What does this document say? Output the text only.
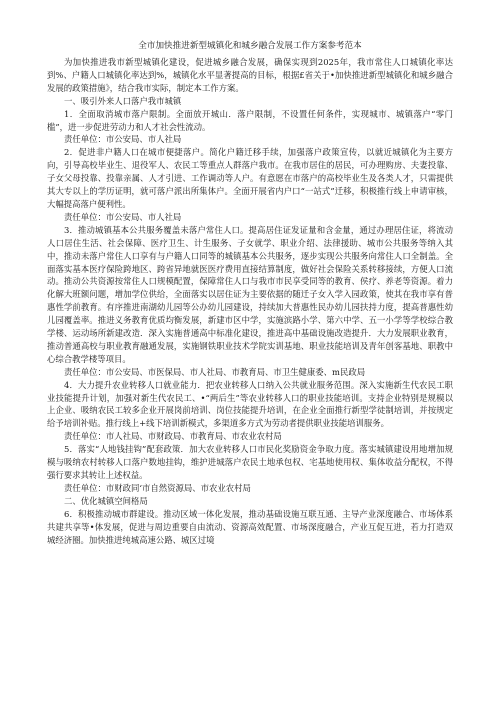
全市加快推进新型城镇化和城乡融合发展工作方案参考范本

为加快推进我市新型城镇化建设，促进城乡融合发展，确保实现到2025年，我市常住人口城镇化率达到%、户籍人口城镇化率达到%，城镇化水平显著提高的目标，根据£省关于•加快推进新型城镇化和城乡融合发展的政策措施》，结合我市实际，制定本工作方案。

一、吸引外来人口落户我市城镇

1．全面取消城市落户限制。全面放开城山．落户限制，不设置任何条件，实现城市、城镇落户“零门槛”，进一步促进劳动力和人才社会性流动。

责任单位：市公安局、市人社局

2．促进非户籍人口在城市便捷落户。简化户籍迁移手续，加强落户政策宣传，以就近城镇化为主要方向，引导高校毕业生、退役军人、农民工等重点人群落户我市。在我市居住的居民，可办理购房、夫妻投靠、子女父母投靠、投靠亲属、人才引进、工作调动等人户。有意愿在市落户的高校毕业生及各类人才，只需提供其大专以上的学历证明，就可落户派出所集体户。全面开展省内户口“一站式”迁移，积极推行线上申请审核，大幅提高落户便利性。

责任单位：市公安局、市人社局

3．推动城镇基本公共服务覆盖未落户常住人口。提高居住证发证量和含金量，通过办理居住证，将流动人口居住生活、社会保障、医疗卫生、计生服务、子女就学、职业介绍、法律援助、城市公共服务等纳入其中，推动未落户常住人口享有与户籍人口同等的城镇基本公共服务，逐步实现公共服务向常住人口全制盖。全面落实基本医疗保险跨地区、跨省异地就医医疗费用直接结算制度，做好社会保险关系转移接续，方便人口流动。推动公共资源按常住人口规模配置，保障常住人口与我市市民享受同等的教育、侯疗、养老等资源。着力化解大班额问题，增加学位供给，全面落实以居住证为主要依据的随迁子女入学入园政策，使其在我市享有普惠性学前教育。有序推进南湖幼儿园等公办幼儿园建设，持续加大普惠性民办幼儿园扶持力度，提高普惠性幼儿园覆盖率。推进义务教育优质均衡发展，新建市区中学，实施滨路小学、第六中学、五一小学等学校综合教学楼、运动场所新建改造．深入实施普通高中标准化建设，推进高中基础设施改造提升．大力发展职业教育，推动普通高校与职业教育融通发展，实施钢铁职业技术学院实训基地、职业技能培训及青年创客基地、职教中心综合教学楼等项目。

责任单位：市公安局、市医保局、市人社局、市教育局、市卫生健康委、m民政局

4．大力提升农业转移人口就业能力．把农业转移人口纳入公共就业服务范围。深入实施新生代农民工职业技能提升计划，加强对新生代农民工、•“两后生”等农业转移人口的职业技能培训。支持企业特别是规模以上企业、吸纳农民工较多企业开展岗前培训、岗位技能提升培训，在企业全面推行新型学徒制培训，并按规定给予培训补贴。推行线上+线下培训新模式，多渠道多方式为劳动者提供职业技能培训服务。

责任单位：市人社局、市财政局、市教育局、市农业农村局

5．落实“人地钱挂钩”配套政策．加大农业转移人口市民化奖励资金争取力度。落实城镇建设用地增加规模与吸纳农村转移人口落户数地挂钩，维护进城落户农民土地承包权、宅基地使用权、集体收益分配权，不得强行要求其转让上述权益。

责任单位：市财政同‘市自然资源局、市农业农村局

二、优化城镇空间格局

6．积极推动城市群建设。推动区域一体化发展，推动基础设施互联互通、主导产业深度融合、市场体系共建共享等•体发展，促进与周边重要自由流动、资源高效配置、市场深度融合，产业互促互进，若力打造双城经济圈。加快推进纯城高速公路、城区过境
